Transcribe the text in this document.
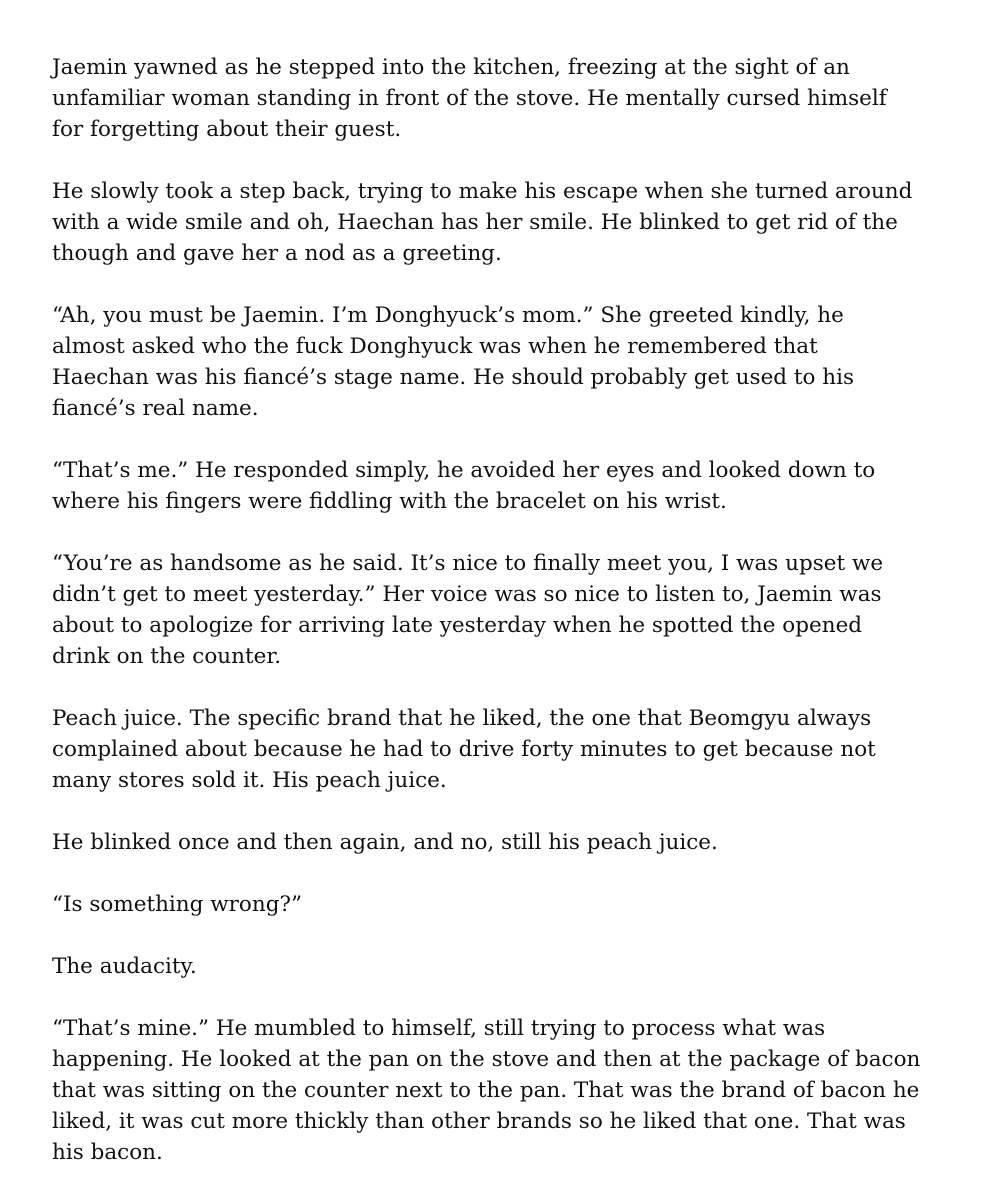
Jaemin yawned as he stepped into the kitchen, freezing at the sight of an
unfamiliar woman standing in front of the stove. He mentally cursed himself
for forgetting about their guest.

He slowly took a step back, trying to make his escape when she turned around
with a wide smile and oh, Haechan has her smile. He blinked to get rid of the
though and gave her a nod as a greeting.

“Ah, you must be Jaemin. I’m Donghyuck’s mom.” She greeted kindly, he
almost asked who the fuck Donghyuck was when he remembered that
Haechan was his fiancé’s stage name. He should probably get used to his
fiancé’s real name.

“That’s me.” He responded simply, he avoided her eyes and looked down to
where his fingers were fiddling with the bracelet on his wrist.

“You’re as handsome as he said. It’s nice to finally meet you, I was upset we
didn’t get to meet yesterday.” Her voice was so nice to listen to, Jaemin was
about to apologize for arriving late yesterday when he spotted the opened
drink on the counter.

Peach juice. The specific brand that he liked, the one that Beomgyu always
complained about because he had to drive forty minutes to get because not
many stores sold it. His peach juice.

He blinked once and then again, and no, still his peach juice.

“Is something wrong?”

The audacity.

“That’s mine.” He mumbled to himself, still trying to process what was
happening. He looked at the pan on the stove and then at the package of bacon
that was sitting on the counter next to the pan. That was the brand of bacon he
liked, it was cut more thickly than other brands so he liked that one. That was
his bacon.
